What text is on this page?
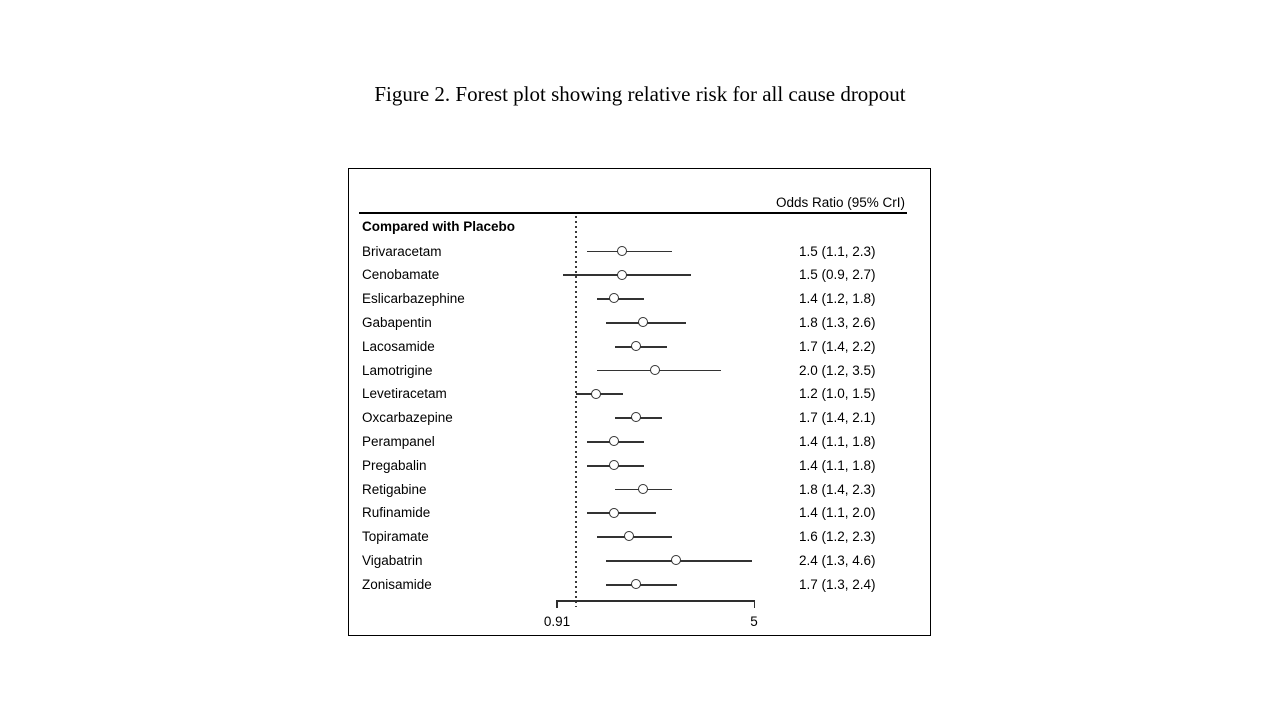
Figure 2. Forest plot showing relative risk for all cause dropout
Odds Ratio (95% CrI)
Compared with Placebo
Brivaracetam	1.5 (1.1, 2.3)
Cenobamate	1.5 (0.9, 2.7)
Eslicarbazephine	1.4 (1.2, 1.8)
Gabapentin	1.8 (1.3, 2.6)
Lacosamide	1.7 (1.4, 2.2)
Lamotrigine	2.0 (1.2, 3.5)
Levetiracetam	1.2 (1.0, 1.5)
Oxcarbazepine	1.7 (1.4, 2.1)
Perampanel	1.4 (1.1, 1.8)
Pregabalin	1.4 (1.1, 1.8)
Retigabine	1.8 (1.4, 2.3)
Rufinamide	1.4 (1.1, 2.0)
Topiramate	1.6 (1.2, 2.3)
Vigabatrin	2.4 (1.3, 4.6)
Zonisamide	1.7 (1.3, 2.4)
0.91	5
